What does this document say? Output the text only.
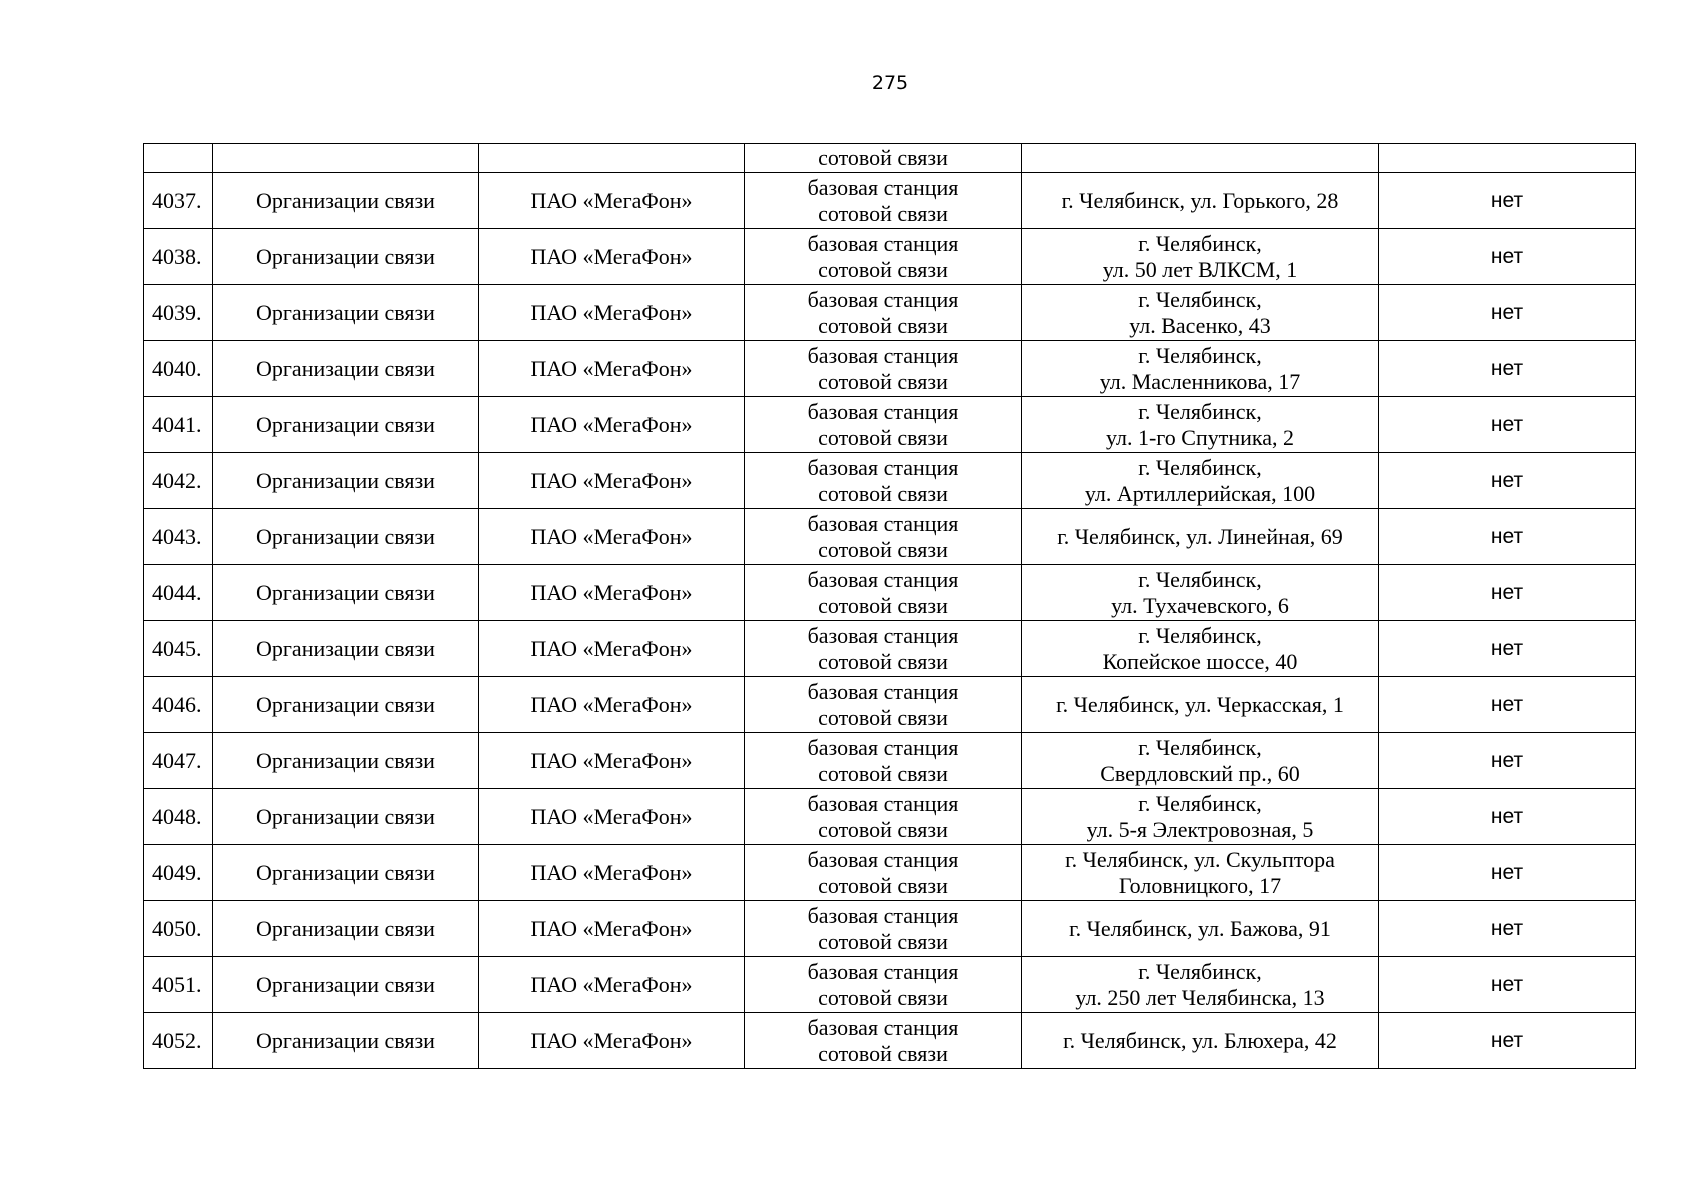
275
			сотовой связи		
4037.	Организации связи	ПАО «МегаФон»	базовая станция
сотовой связи	г. Челябинск, ул. Горького, 28	нет
4038.	Организации связи	ПАО «МегаФон»	базовая станция
сотовой связи	г. Челябинск,
ул. 50 лет ВЛКСМ, 1	нет
4039.	Организации связи	ПАО «МегаФон»	базовая станция
сотовой связи	г. Челябинск,
ул. Васенко, 43	нет
4040.	Организации связи	ПАО «МегаФон»	базовая станция
сотовой связи	г. Челябинск,
ул. Масленникова, 17	нет
4041.	Организации связи	ПАО «МегаФон»	базовая станция
сотовой связи	г. Челябинск,
ул. 1-го Спутника, 2	нет
4042.	Организации связи	ПАО «МегаФон»	базовая станция
сотовой связи	г. Челябинск,
ул. Артиллерийская, 100	нет
4043.	Организации связи	ПАО «МегаФон»	базовая станция
сотовой связи	г. Челябинск, ул. Линейная, 69	нет
4044.	Организации связи	ПАО «МегаФон»	базовая станция
сотовой связи	г. Челябинск,
ул. Тухачевского, 6	нет
4045.	Организации связи	ПАО «МегаФон»	базовая станция
сотовой связи	г. Челябинск,
Копейское шоссе, 40	нет
4046.	Организации связи	ПАО «МегаФон»	базовая станция
сотовой связи	г. Челябинск, ул. Черкасская, 1	нет
4047.	Организации связи	ПАО «МегаФон»	базовая станция
сотовой связи	г. Челябинск,
Свердловский пр., 60	нет
4048.	Организации связи	ПАО «МегаФон»	базовая станция
сотовой связи	г. Челябинск,
ул. 5-я Электровозная, 5	нет
4049.	Организации связи	ПАО «МегаФон»	базовая станция
сотовой связи	г. Челябинск, ул. Скульптора
Головницкого, 17	нет
4050.	Организации связи	ПАО «МегаФон»	базовая станция
сотовой связи	г. Челябинск, ул. Бажова, 91	нет
4051.	Организации связи	ПАО «МегаФон»	базовая станция
сотовой связи	г. Челябинск,
ул. 250 лет Челябинска, 13	нет
4052.	Организации связи	ПАО «МегаФон»	базовая станция
сотовой связи	г. Челябинск, ул. Блюхера, 42	нет
